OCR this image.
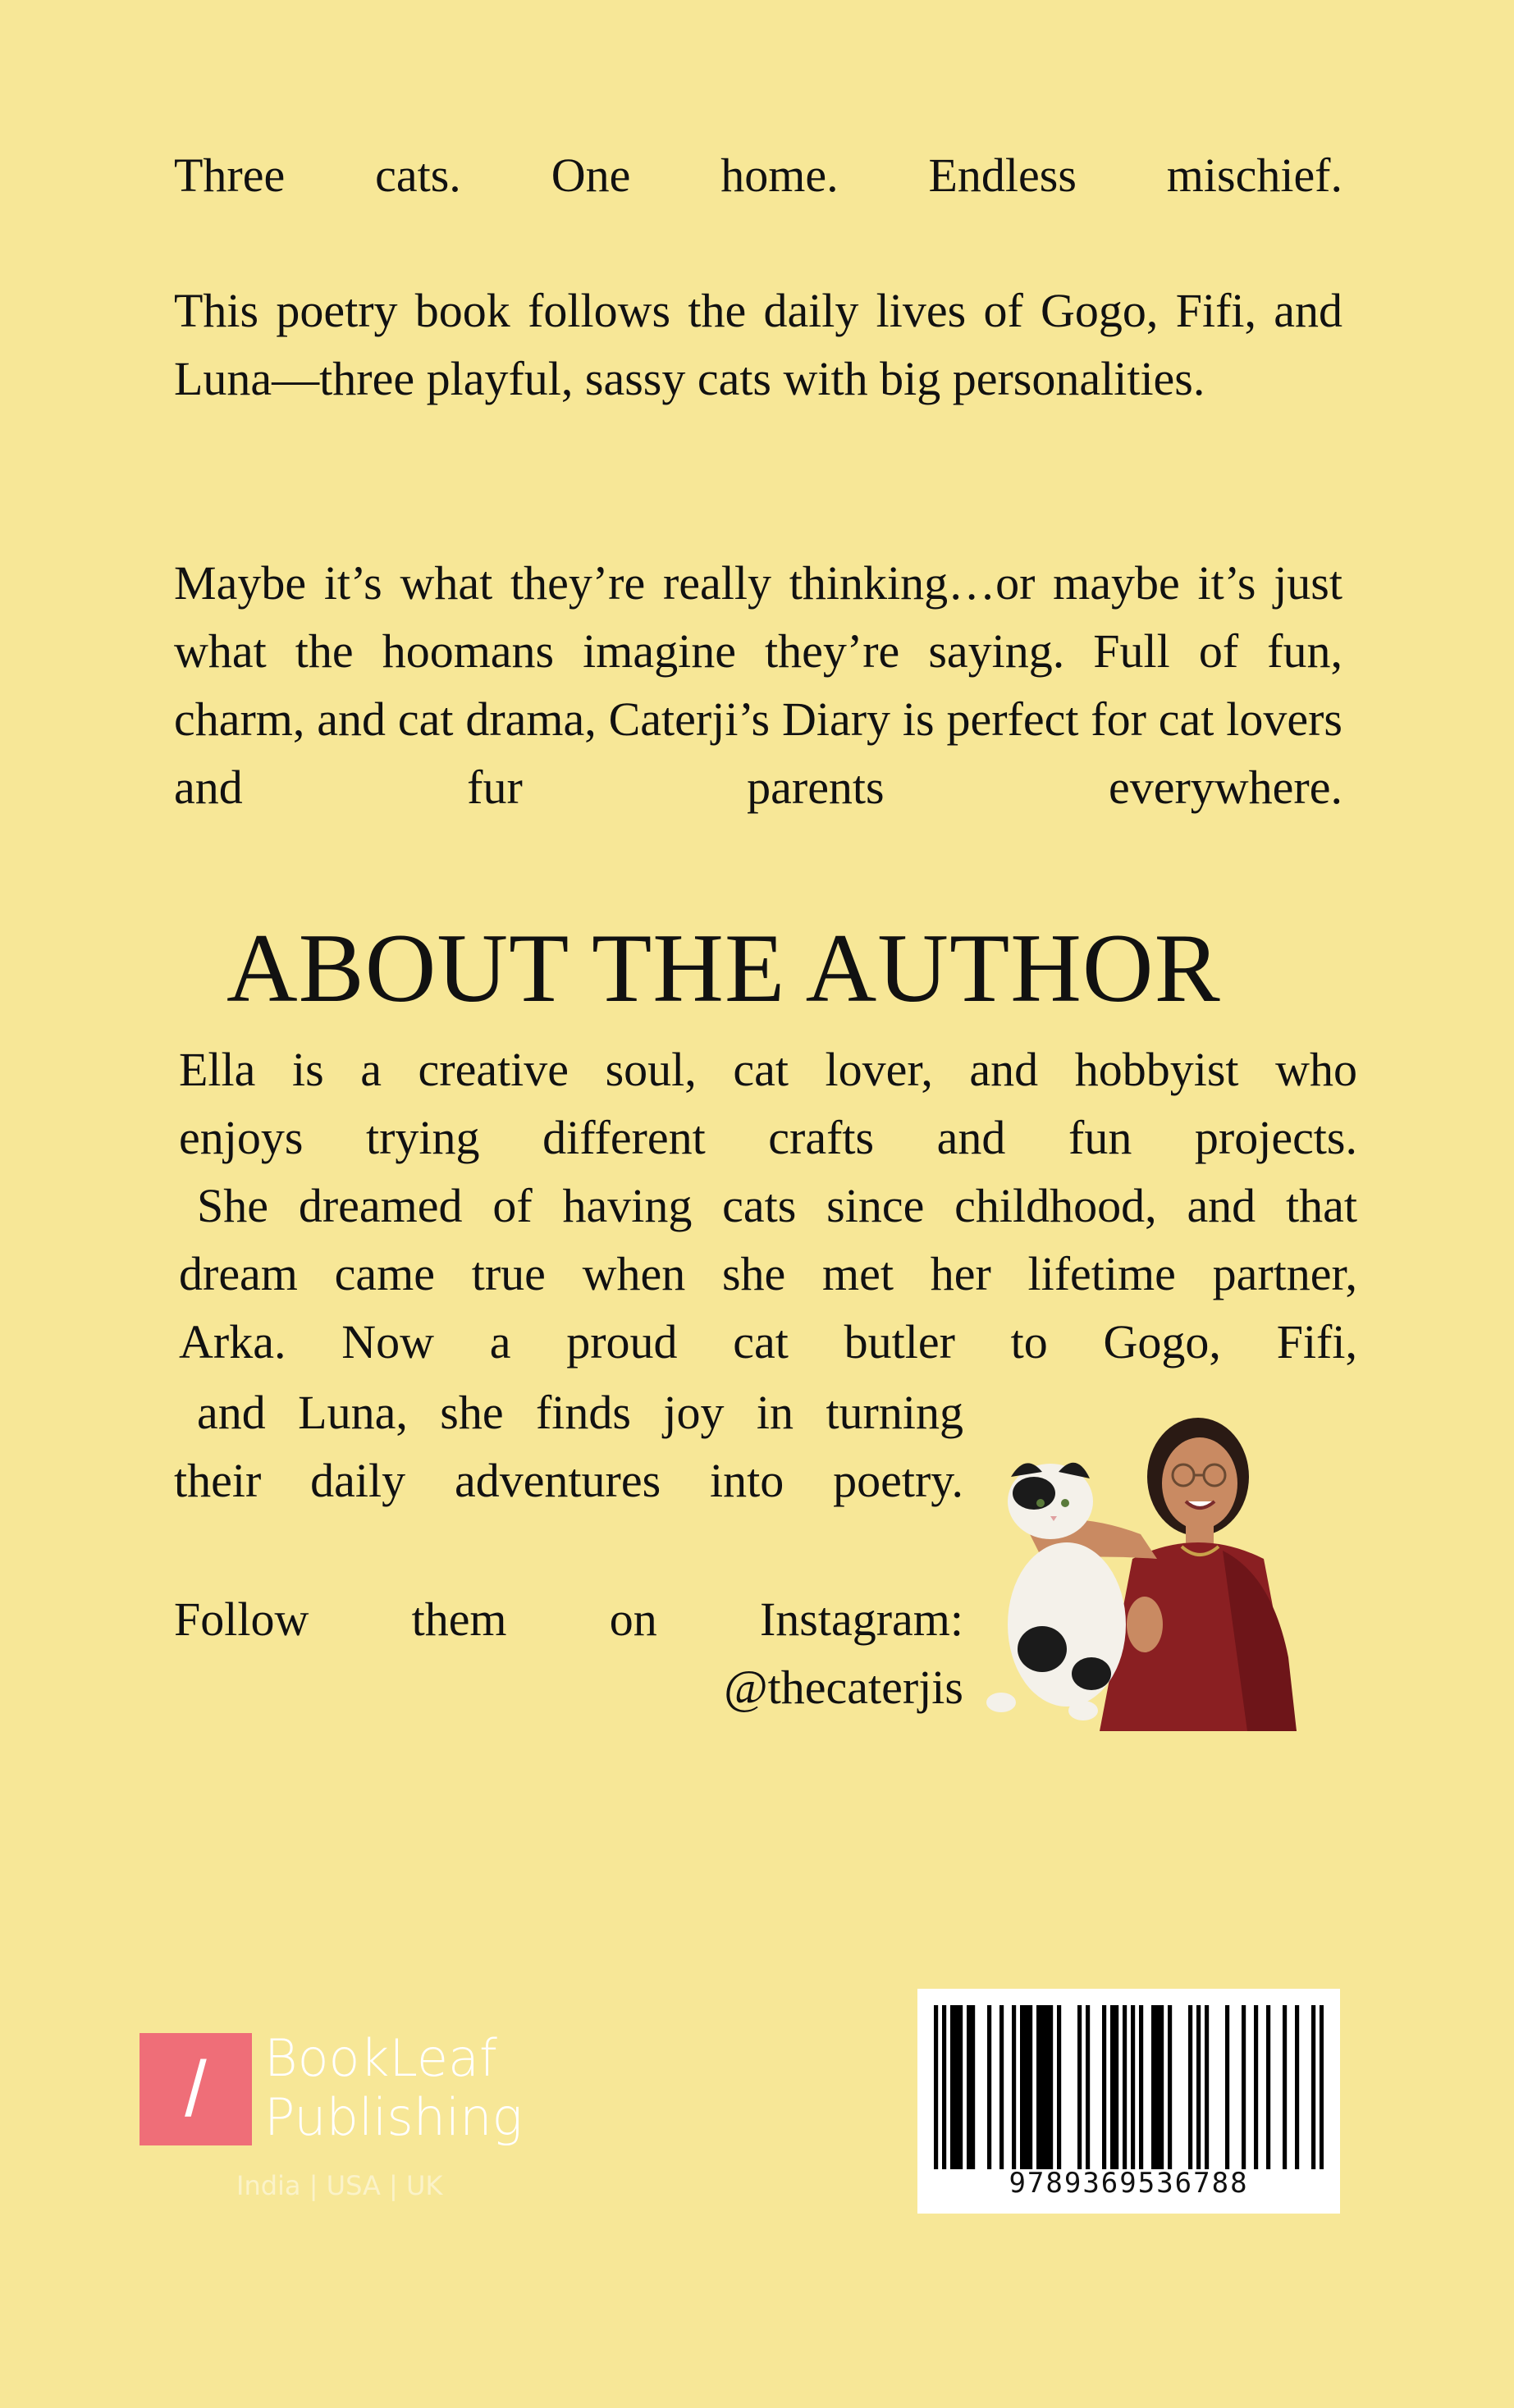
Three cats. One home. Endless mischief.

This poetry book follows the daily lives of Gogo, Fifi, and Luna—three playful, sassy cats with big personalities.

Maybe it’s what they’re really thinking…or maybe it’s just what the hoomans imagine they’re saying. Full of fun, charm, and cat drama, Caterji’s Diary is perfect for cat lovers and fur parents everywhere.

ABOUT THE AUTHOR
Ella is a creative soul, cat lover, and hobbyist who
enjoys trying different crafts and fun projects.
She dreamed of having cats since childhood, and that
dream came true when she met her lifetime partner,
Arka. Now a proud cat butler to Gogo, Fifi,
and Luna, she finds joy in turning
their daily adventures into poetry.
Follow them on Instagram:
@thecaterjis
/	BookLeaf
Publishing
India | USA | UK	9789369536788
